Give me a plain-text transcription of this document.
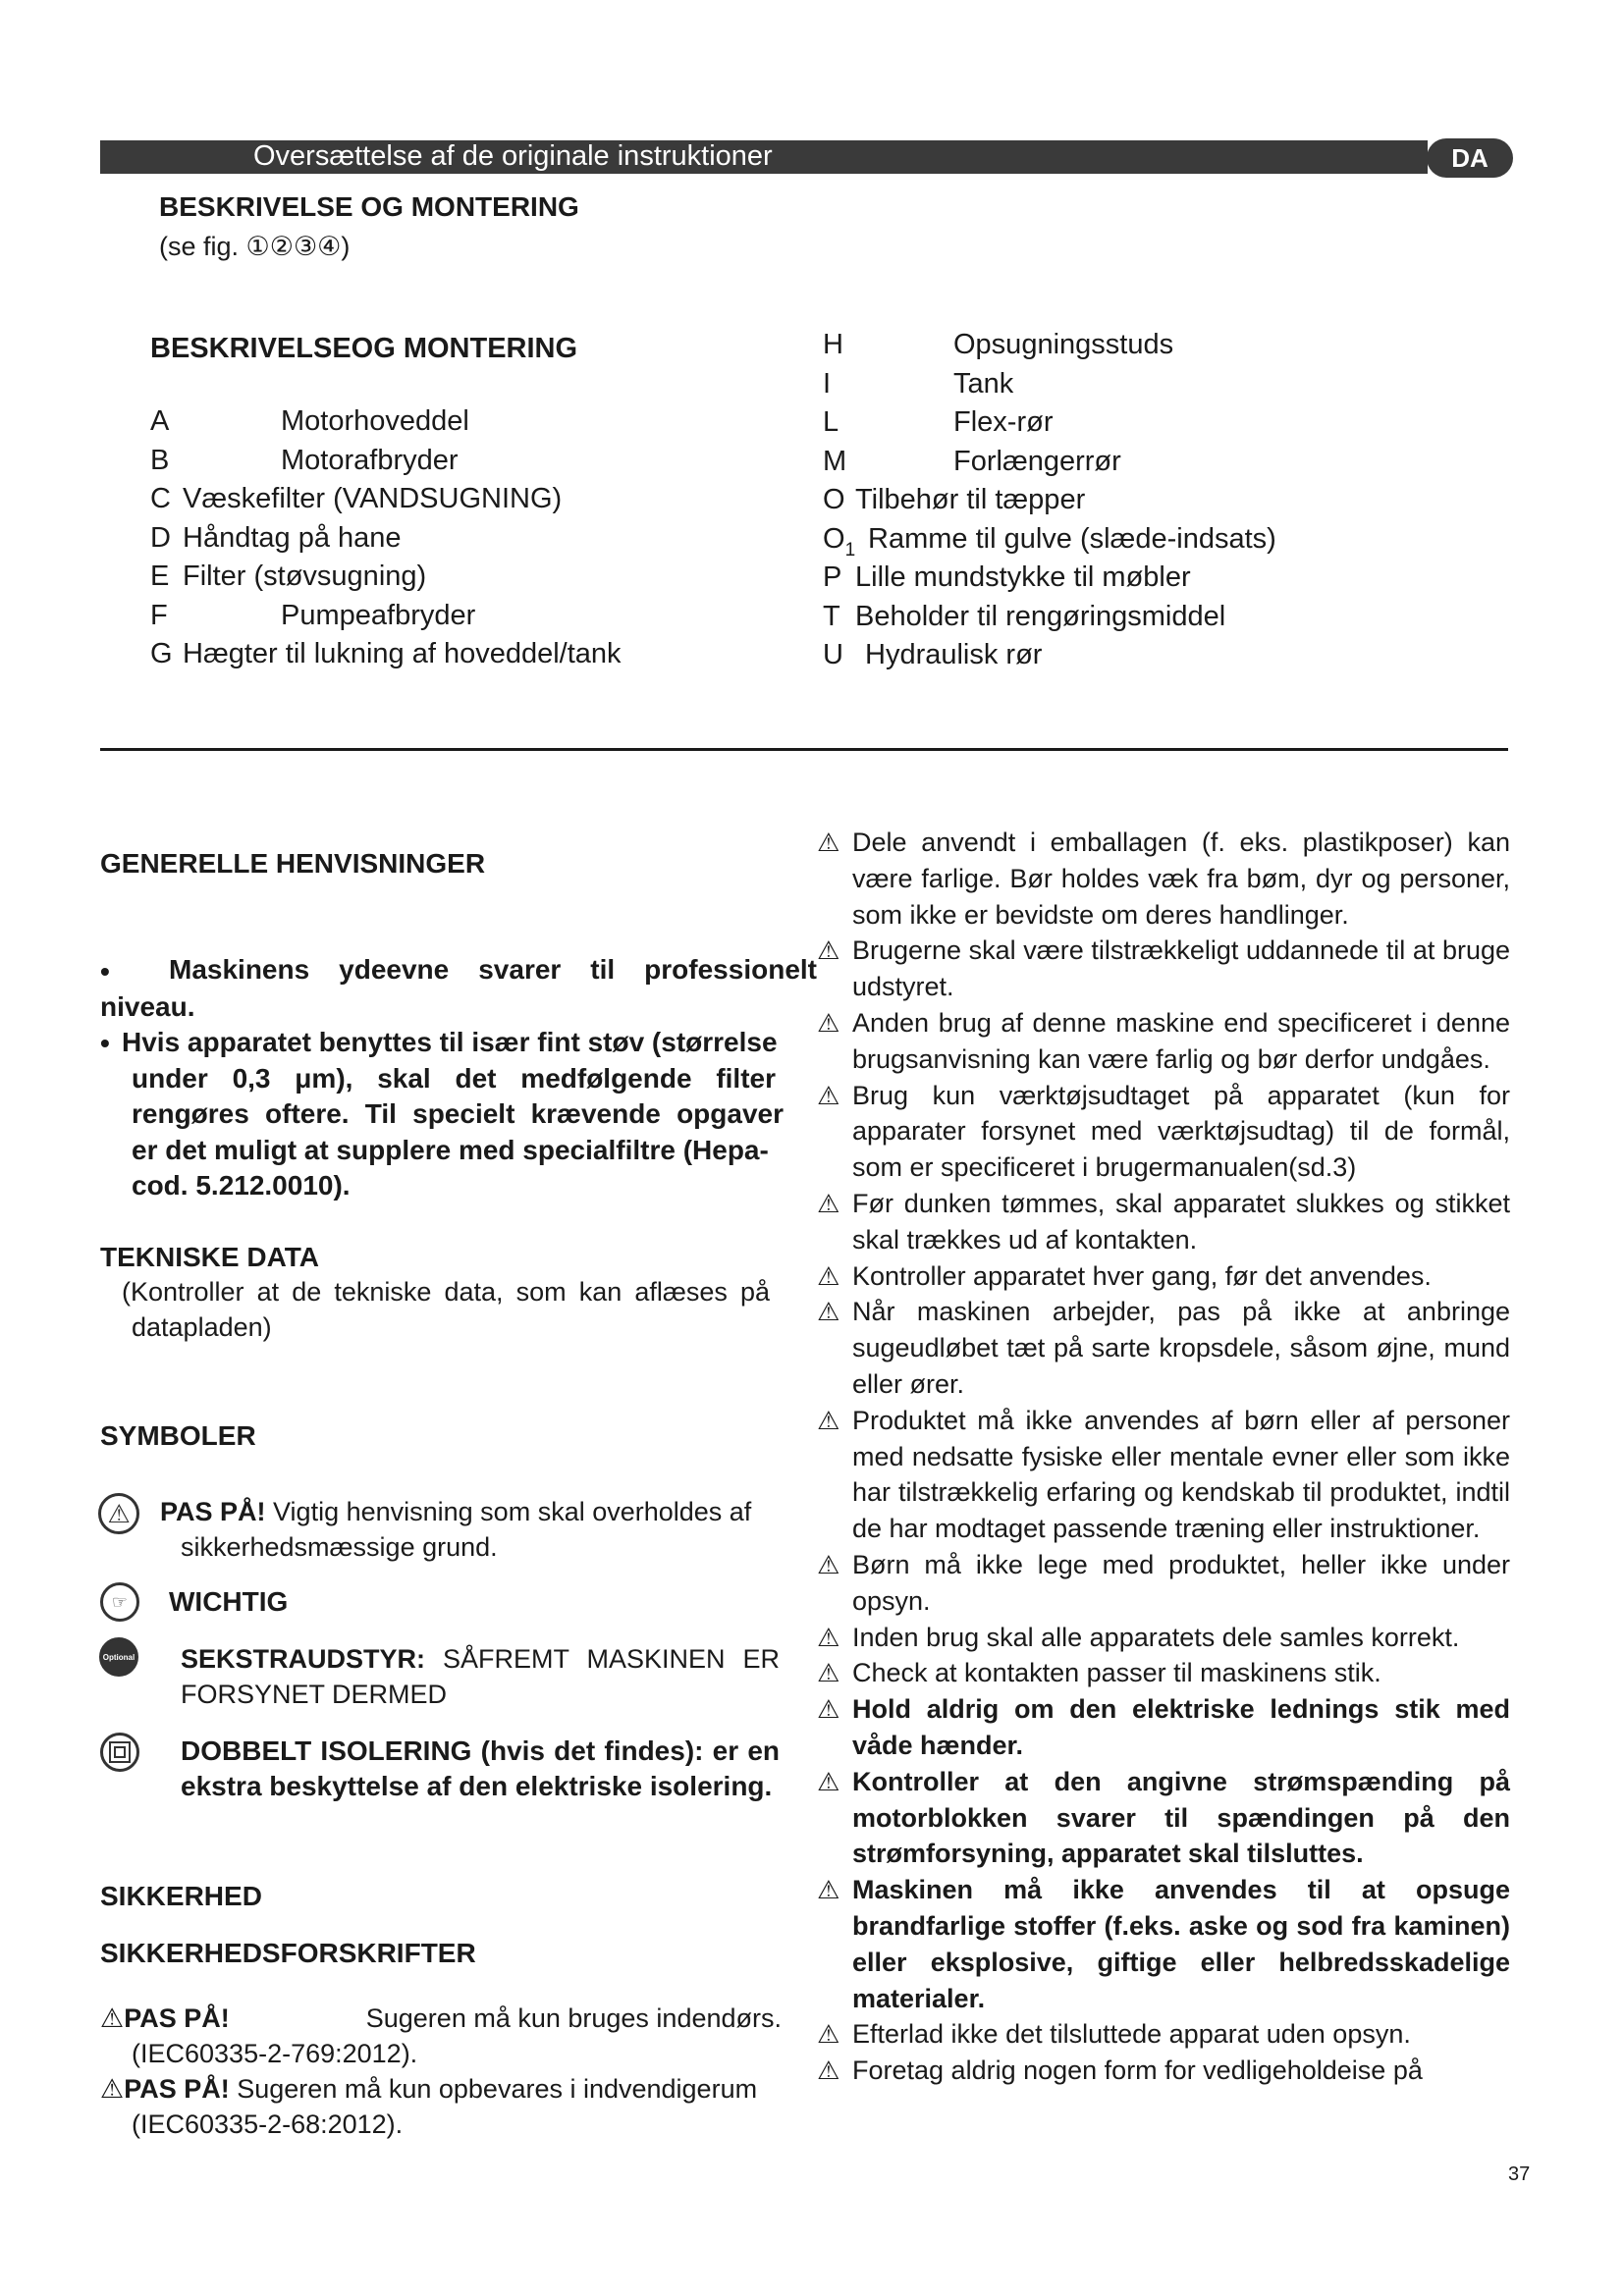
Oversættelse af de originale instruktioner	DA
BESKRIVELSE OG MONTERING
(se fig. ①②③④)
BESKRIVELSEOG MONTERING
A	Motorhoveddel
B	Motorafbryder
C Væskefilter (VANDSUGNING)
D Håndtag på hane
E Filter (støvsugning)
F	Pumpeafbryder
G Hægter til lukning af hoveddel/tank
H	Opsugningsstuds
I	Tank
L	Flex-rør
M	Forlængerrør
O Tilbehør til tæpper
$O_1$ Ramme til gulve (slæde-indsats)
P Lille mundstykke til møbler
T Beholder til rengøringsmiddel
U Hydraulisk rør
GENERELLE HENVISNINGER
• Maskinens ydeevne svarer til professionelt
niveau.
• Hvis apparatet benyttes til især fint støv (størrelse
under 0,3 μm), skal det medfølgende filter
rengøres oftere. Til specielt krævende opgaver
er det muligt at supplere med specialfiltre (Hepa-
cod. 5.212.0010).
TEKNISKE DATA
(Kontroller at de tekniske data, som kan aflæses på
datapladen)
SYMBOLER
⚠	PAS PÅ! Vigtig henvisning som skal overholdes af
sikkerhedsmæssige grund.
☞	WICHTIG
Optional SEKSTRAUDSTYR: SÅFREMT MASKINEN ER
FORSYNET DERMED
DOBBELT ISOLERING (hvis det findes): er en
ekstra beskyttelse af den elektriske isolering.
SIKKERHED
SIKKERHEDSFORSKRIFTER
⚠PAS PÅ!	Sugeren må kun bruges indendørs.
(IEC60335-2-769:2012).
⚠PAS PÅ! Sugeren må kun opbevares i indvendigerum
(IEC60335-2-68:2012).
⚠ Dele anvendt i emballagen (f. eks. plastikposer) kan være farlige. Bør holdes væk fra bøm, dyr og personer, som ikke er bevidste om deres handlinger.
⚠ Brugerne skal være tilstrækkeligt uddannede til at bruge udstyret.
⚠ Anden brug af denne maskine end specificeret i denne brugsanvisning kan være farlig og bør derfor undgåes.
⚠ Brug kun værktøjsudtaget på apparatet (kun for apparater forsynet med værktøjsudtag) til de formål, som er specificeret i brugermanualen(sd.3)
⚠ Før dunken tømmes, skal apparatet slukkes og stikket skal trækkes ud af kontakten.
⚠ Kontroller apparatet hver gang, før det anvendes.
⚠ Når maskinen arbejder, pas på ikke at anbringe sugeudløbet tæt på sarte kropsdele, såsom øjne, mund eller ører.
⚠ Produktet må ikke anvendes af børn eller af personer med nedsatte fysiske eller mentale evner eller som ikke har tilstrækkelig erfaring og kendskab til produktet, indtil de har modtaget passende træning eller instruktioner.
⚠ Børn må ikke lege med produktet, heller ikke under opsyn.
⚠ Inden brug skal alle apparatets dele samles korrekt.
⚠ Check at kontakten passer til maskinens stik.
⚠ Hold aldrig om den elektriske lednings stik med våde hænder.
⚠ Kontroller at den angivne strømspænding på motorblokken svarer til spændingen på den strømforsyning, apparatet skal tilsluttes.
⚠ Maskinen må ikke anvendes til at opsuge brandfarlige stoffer (f.eks. aske og sod fra kaminen) eller eksplosive, giftige eller helbredsskadelige materialer.
⚠ Efterlad ikke det tilsluttede apparat uden opsyn.
⚠ Foretag aldrig nogen form for vedligeholdeise på
37
